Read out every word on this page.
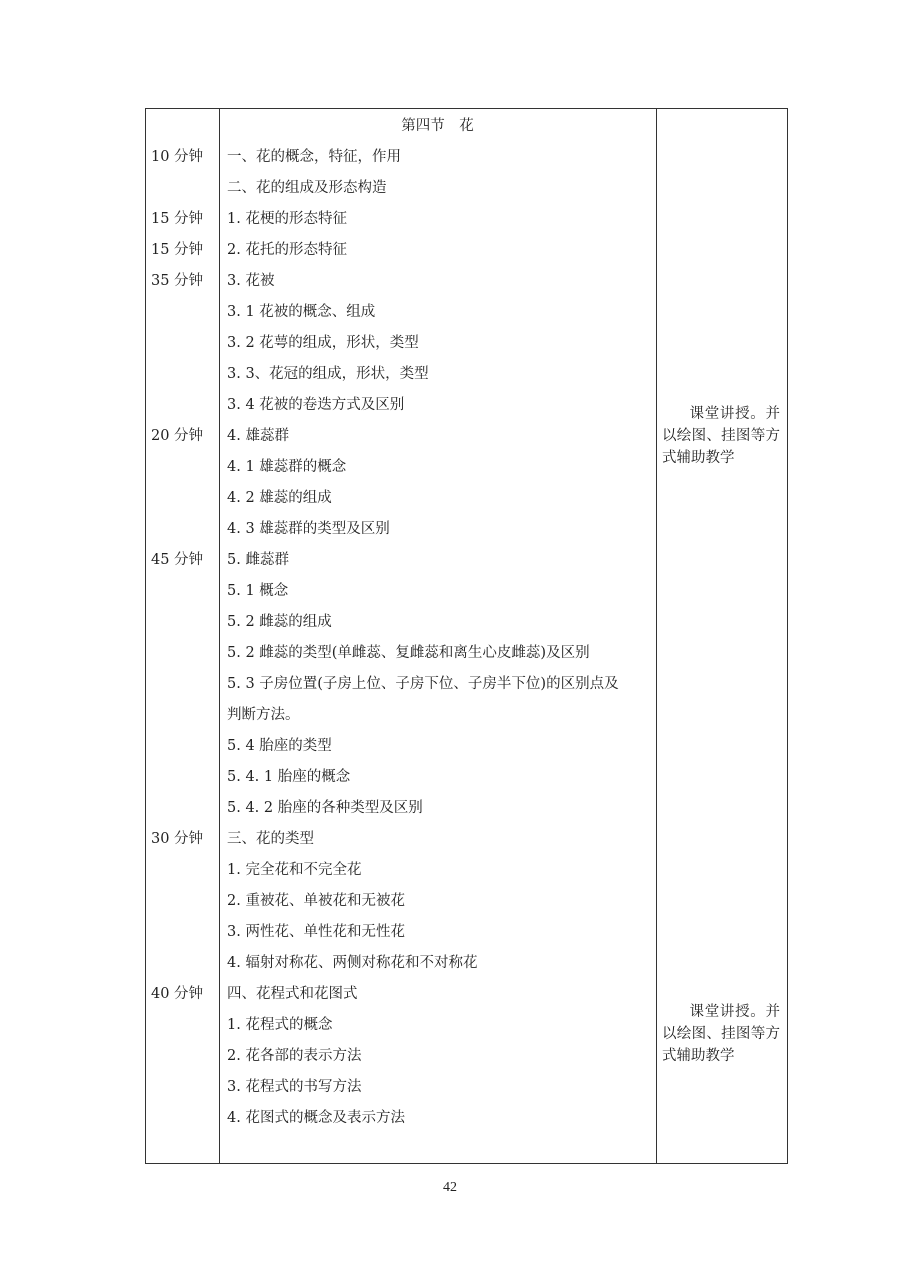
第四节　花
10 分钟 一、花的概念，特征，作用
二、花的组成及形态构造
15 分钟 1. 花梗的形态特征
15 分钟 2. 花托的形态特征
35 分钟 3. 花被
3. 1 花被的概念、组成
3. 2 花萼的组成，形状，类型
3. 3、花冠的组成，形状，类型
3. 4 花被的卷迭方式及区别
20 分钟 4. 雄蕊群
4. 1 雄蕊群的概念
4. 2 雄蕊的组成
4. 3 雄蕊群的类型及区别
45 分钟 5. 雌蕊群
5. 1 概念
5. 2 雌蕊的组成
5. 2 雌蕊的类型(单雌蕊、复雌蕊和离生心皮雌蕊)及区别
5. 3 子房位置(子房上位、子房下位、子房半下位)的区别点及
判断方法。
5. 4 胎座的类型
5. 4. 1 胎座的概念
5. 4. 2 胎座的各种类型及区别
30 分钟 三、花的类型
1. 完全花和不完全花
2. 重被花、单被花和无被花
3. 两性花、单性花和无性花
4. 辐射对称花、两侧对称花和不对称花
40 分钟 四、花程式和花图式
1. 花程式的概念
2. 花各部的表示方法
3. 花程式的书写方法
4. 花图式的概念及表示方法
课堂讲授。并以绘图、挂图等方式辅助教学
课堂讲授。并以绘图、挂图等方式辅助教学
42
